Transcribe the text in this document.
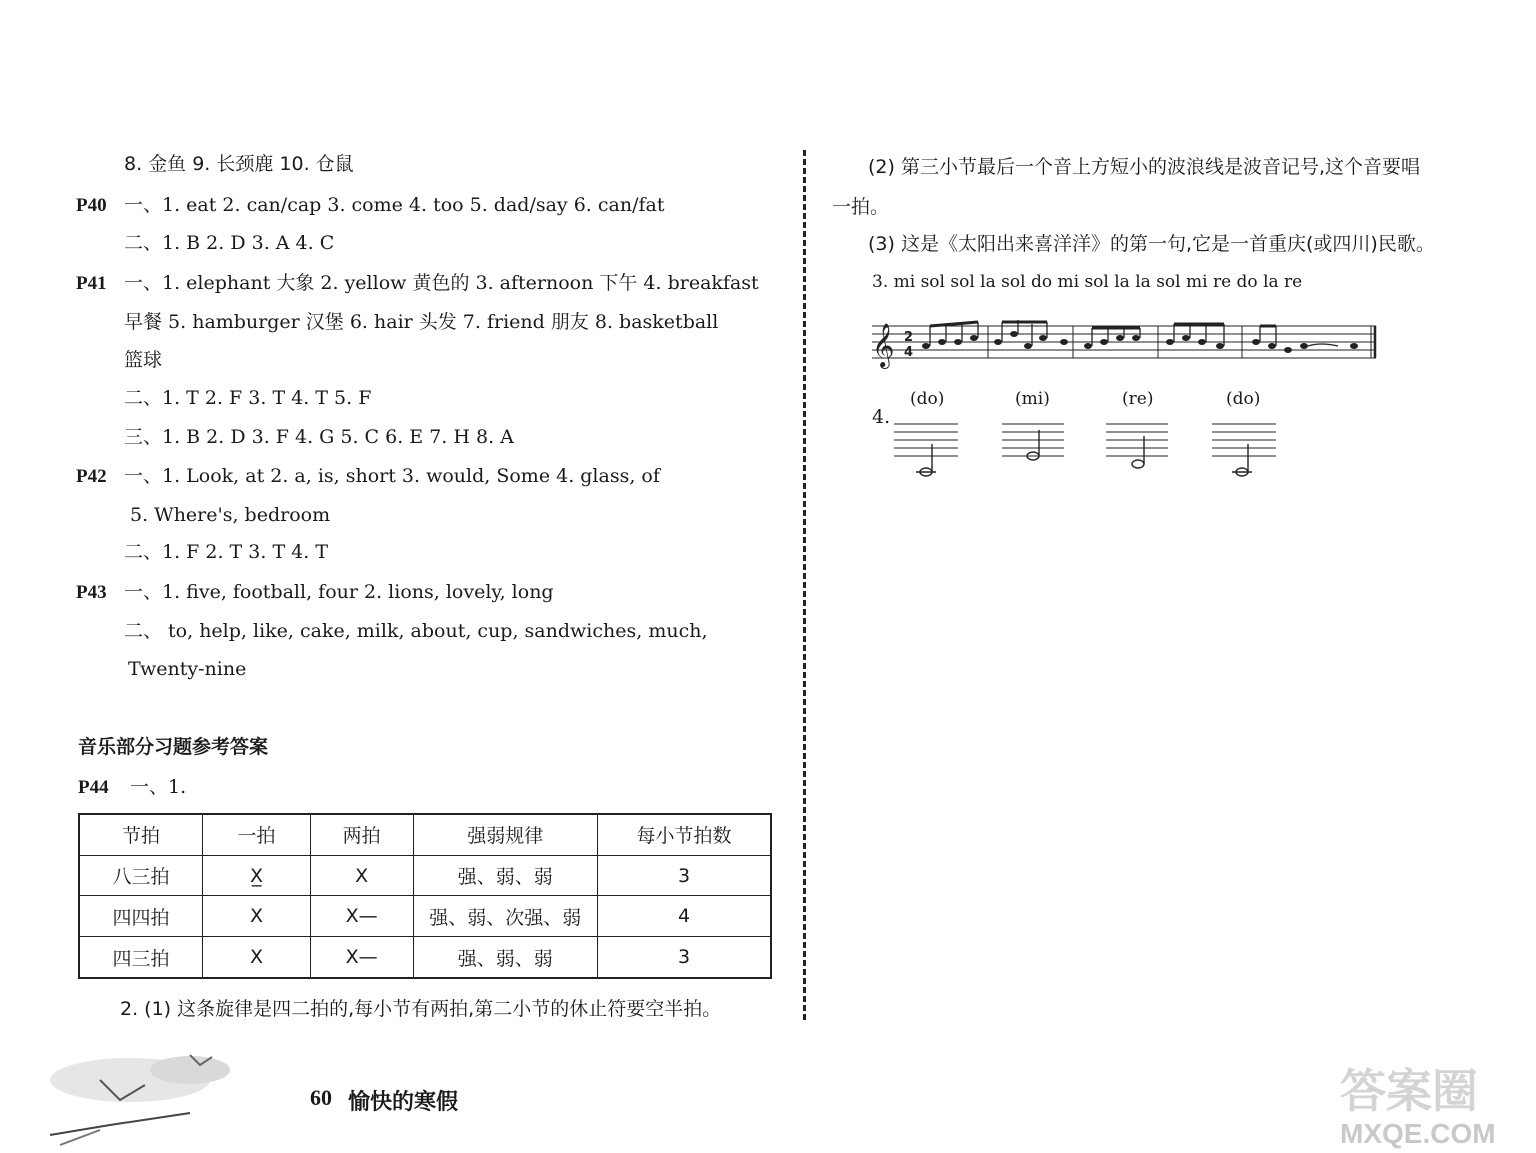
8. 金鱼 9. 长颈鹿 10. 仓鼠
P40 一、1. eat 2. can/cap 3. come 4. too 5. dad/say 6. can/fat
二、1. B 2. D 3. A 4. C
P41 一、1. elephant 大象 2. yellow 黄色的 3. afternoon 下午 4. breakfast
早餐 5. hamburger 汉堡 6. hair 头发 7. friend 朋友 8. basketball
篮球
二、1. T 2. F 3. T 4. T 5. F
三、1. B 2. D 3. F 4. G 5. C 6. E 7. H 8. A
P42 一、1. Look, at 2. a, is, short 3. would, Some 4. glass, of
5. Where's, bedroom
二、1. F 2. T 3. T 4. T
P43 一、1. five, football, four 2. lions, lovely, long
二、 to, help, like, cake, milk, about, cup, sandwiches, much,
Twenty-nine
音乐部分习题参考答案
P44 一、1.
节拍	一拍	两拍	强弱规律	每小节拍数
八三拍	X̲	X	强、弱、弱	3
四四拍	X	X—	强、弱、次强、弱	4
四三拍	X	X—	强、弱、弱	3
2. (1) 这条旋律是四二拍的,每小节有两拍,第二小节的休止符要空半拍。
(2) 第三小节最后一个音上方短小的波浪线是波音记号,这个音要唱
一拍。
(3) 这是《太阳出来喜洋洋》的第一句,它是一首重庆(或四川)民歌。
3. mi sol sol la sol do mi sol la la sol mi re do la re
𝄞 2
4
4.
(do)	(mi)	(re)	(do)
60 愉快的寒假	答案圈
MXQE.COM
